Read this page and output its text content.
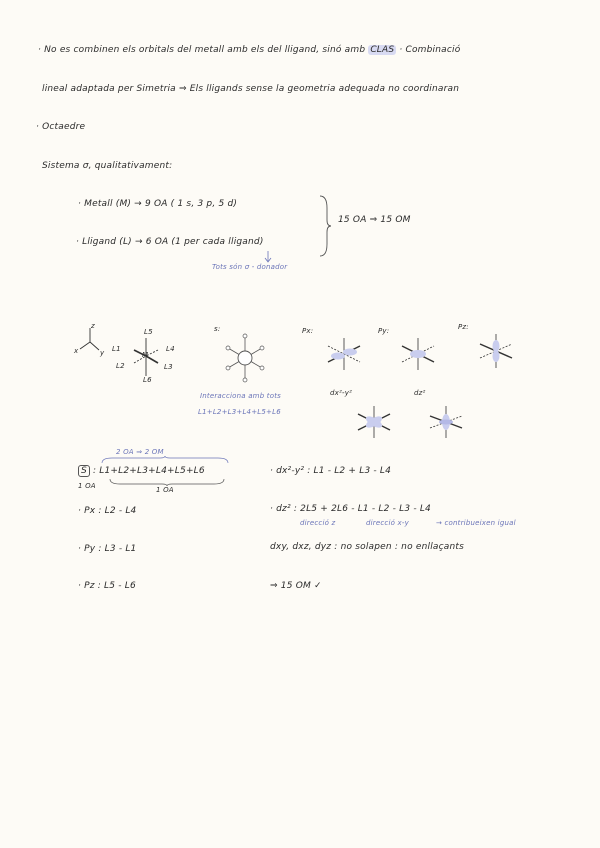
· No es combinen els orbitals del metall amb els del lligand, sinó amb CLAS · Combinació
lineal adaptada per Simetria ⇒ Els lligands sense la geometria adequada no coordinaran
· Octaedre
Sistema σ, qualitativament:
· Metall (M) → 9 OA ( 1 s, 3 p, 5 d)
· Lligand (L) → 6 OA (1 per cada lligand)
15 OA ⇒ 15 OM
Tots són σ - donador
z
x	y
L5
L1	L4
M
L2	L3
L6
s:
Interacciona amb tots
L1+L2+L3+L4+L5+L6
Px:	Py:	Pz:
dx²-y²	dz²
2 OA ⇒ 2 OM
S : L1+L2+L3+L4+L5+L6
1 OA	1 OA
· Px : L2 - L4
· Py : L3 - L1
· Pz : L5 - L6
· dx²-y² : L1 - L2 + L3 - L4
· dz² : 2L5 + 2L6 - L1 - L2 - L3 - L4
direcció z	direcció x-y	→ contribueixen igual
dxy, dxz, dyz : no solapen : no enllaçants
⇒ 15 OM ✓
